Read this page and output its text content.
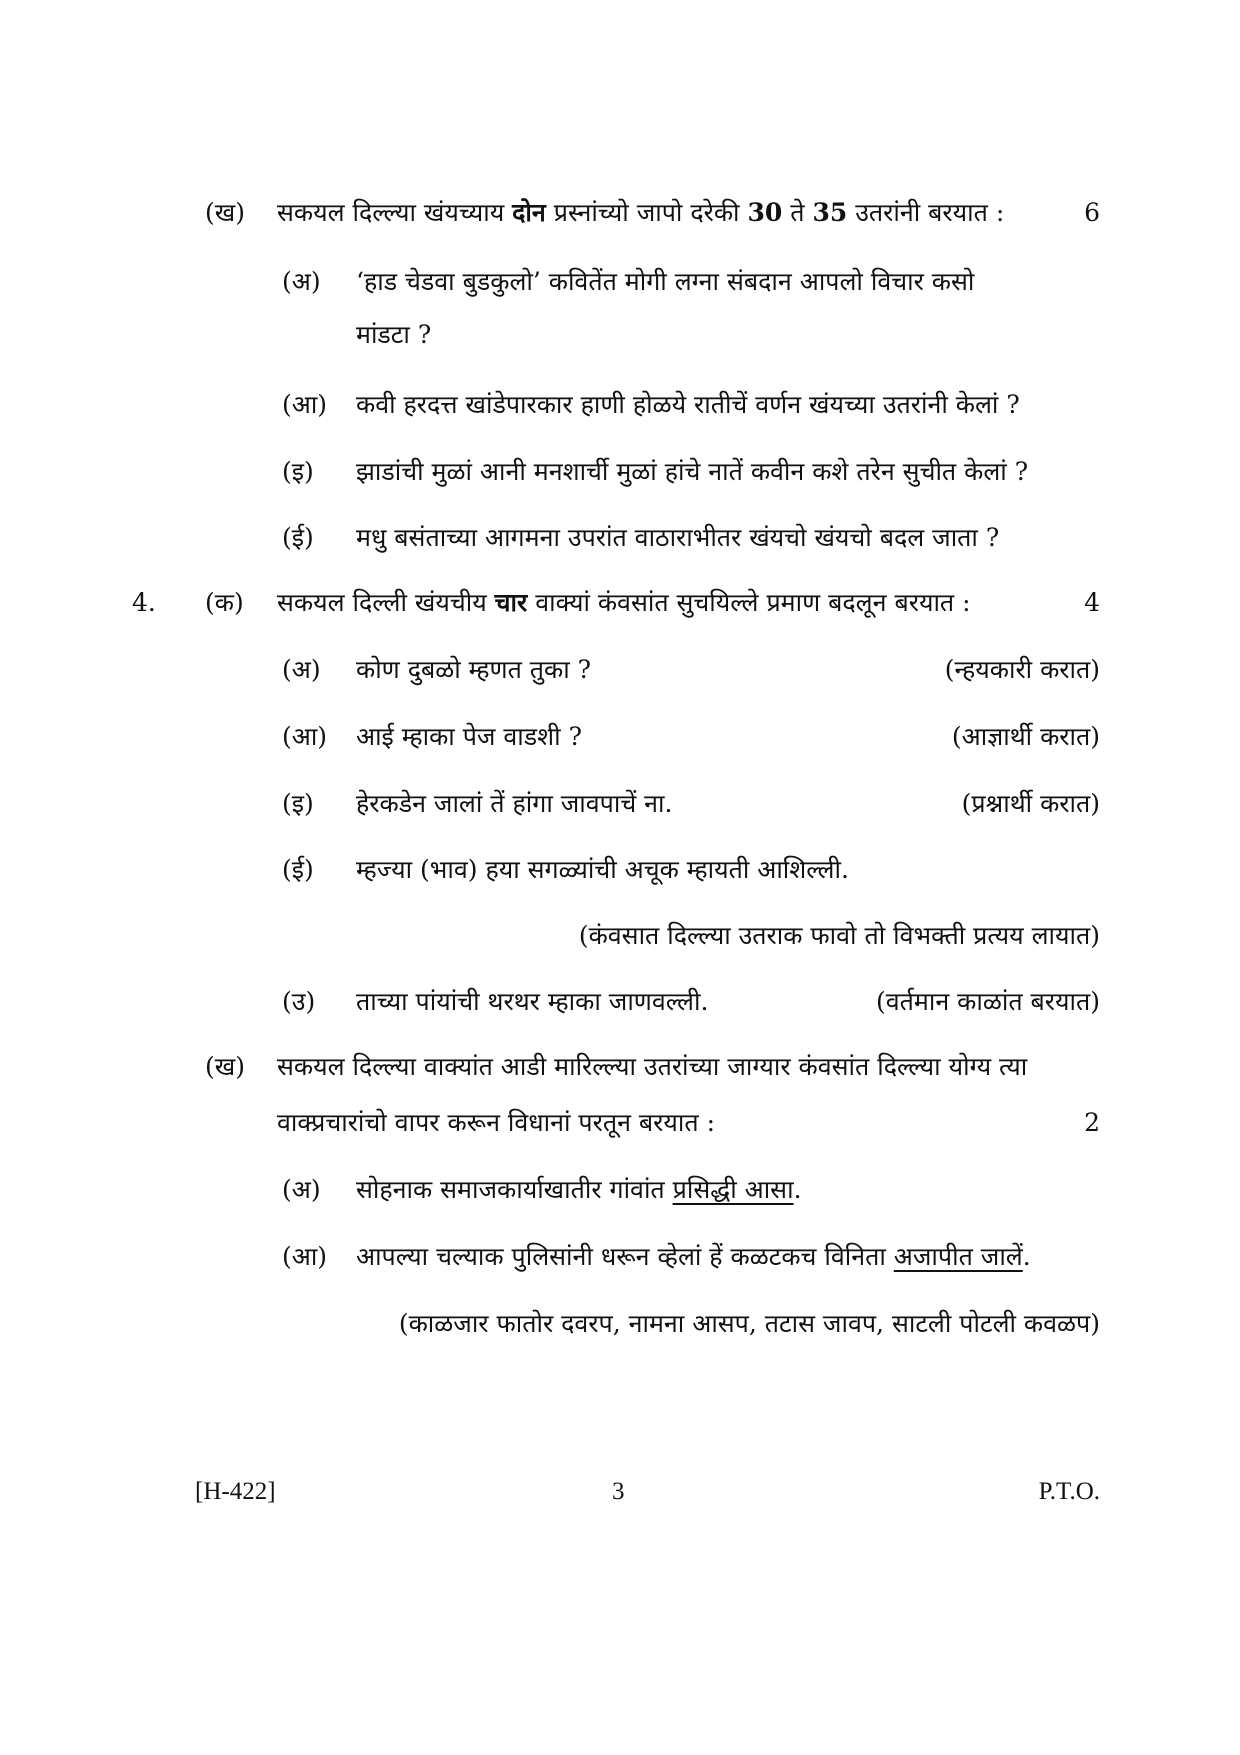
(ख)	सकयल दिल्ल्या खंयच्याय दोन प्रस्नांच्यो जापो दरेकी 30 ते 35 उतरांनी बरयात :	6
(अ)	‘हाड चेडवा बुडकुलो’ कवितेंत मोगी लग्ना संबदान आपलो विचार कसो
मांडटा ?
(आ)	कवी हरदत्त खांडेपारकार हाणी होळये रातीचें वर्णन खंयच्या उतरांनी केलां ?
(इ)	झाडांची मुळां आनी मनशार्ची मुळां हांचे नातें कवीन कशे तरेन सुचीत केलां ?
(ई)	मधु बसंताच्या आगमना उपरांत वाठाराभीतर खंयचो खंयचो बदल जाता ?
4. (क)	सकयल दिल्ली खंयचीय चार वाक्यां कंवसांत सुचयिल्ले प्रमाण बदलून बरयात :	4
(अ)	कोण दुबळो म्हणत तुका ?	(न्हयकारी करात)
(आ)	आई म्हाका पेज वाडशी ?	(आज्ञार्थी करात)
(इ)	हेरकडेन जालां तें हांगा जावपाचें ना.	(प्रश्नार्थी करात)
(ई)	म्हज्या (भाव) हया सगळ्यांची अचूक म्हायती आशिल्ली.
(कंवसात दिल्ल्या उतराक फावो तो विभक्ती प्रत्यय लायात)
(उ)	ताच्या पांयांची थरथर म्हाका जाणवल्ली.	(वर्तमान काळांत बरयात)
(ख)	सकयल दिल्ल्या वाक्यांत आडी मारिल्ल्या उतरांच्या जाग्यार कंवसांत दिल्ल्या योग्य त्या
वाक्प्रचारांचो वापर करून विधानां परतून बरयात :	2
(अ)	सोहनाक समाजकार्याखातीर गांवांत प्रसिद्धी आसा.
(आ)	आपल्या चल्याक पुलिसांनी धरून व्हेलां हें कळटकच विनिता अजापीत जालें.
(काळजार फातोर दवरप, नामना आसप, तटास जावप, साटली पोटली कवळप)
[H-422]	3	P.T.O.
